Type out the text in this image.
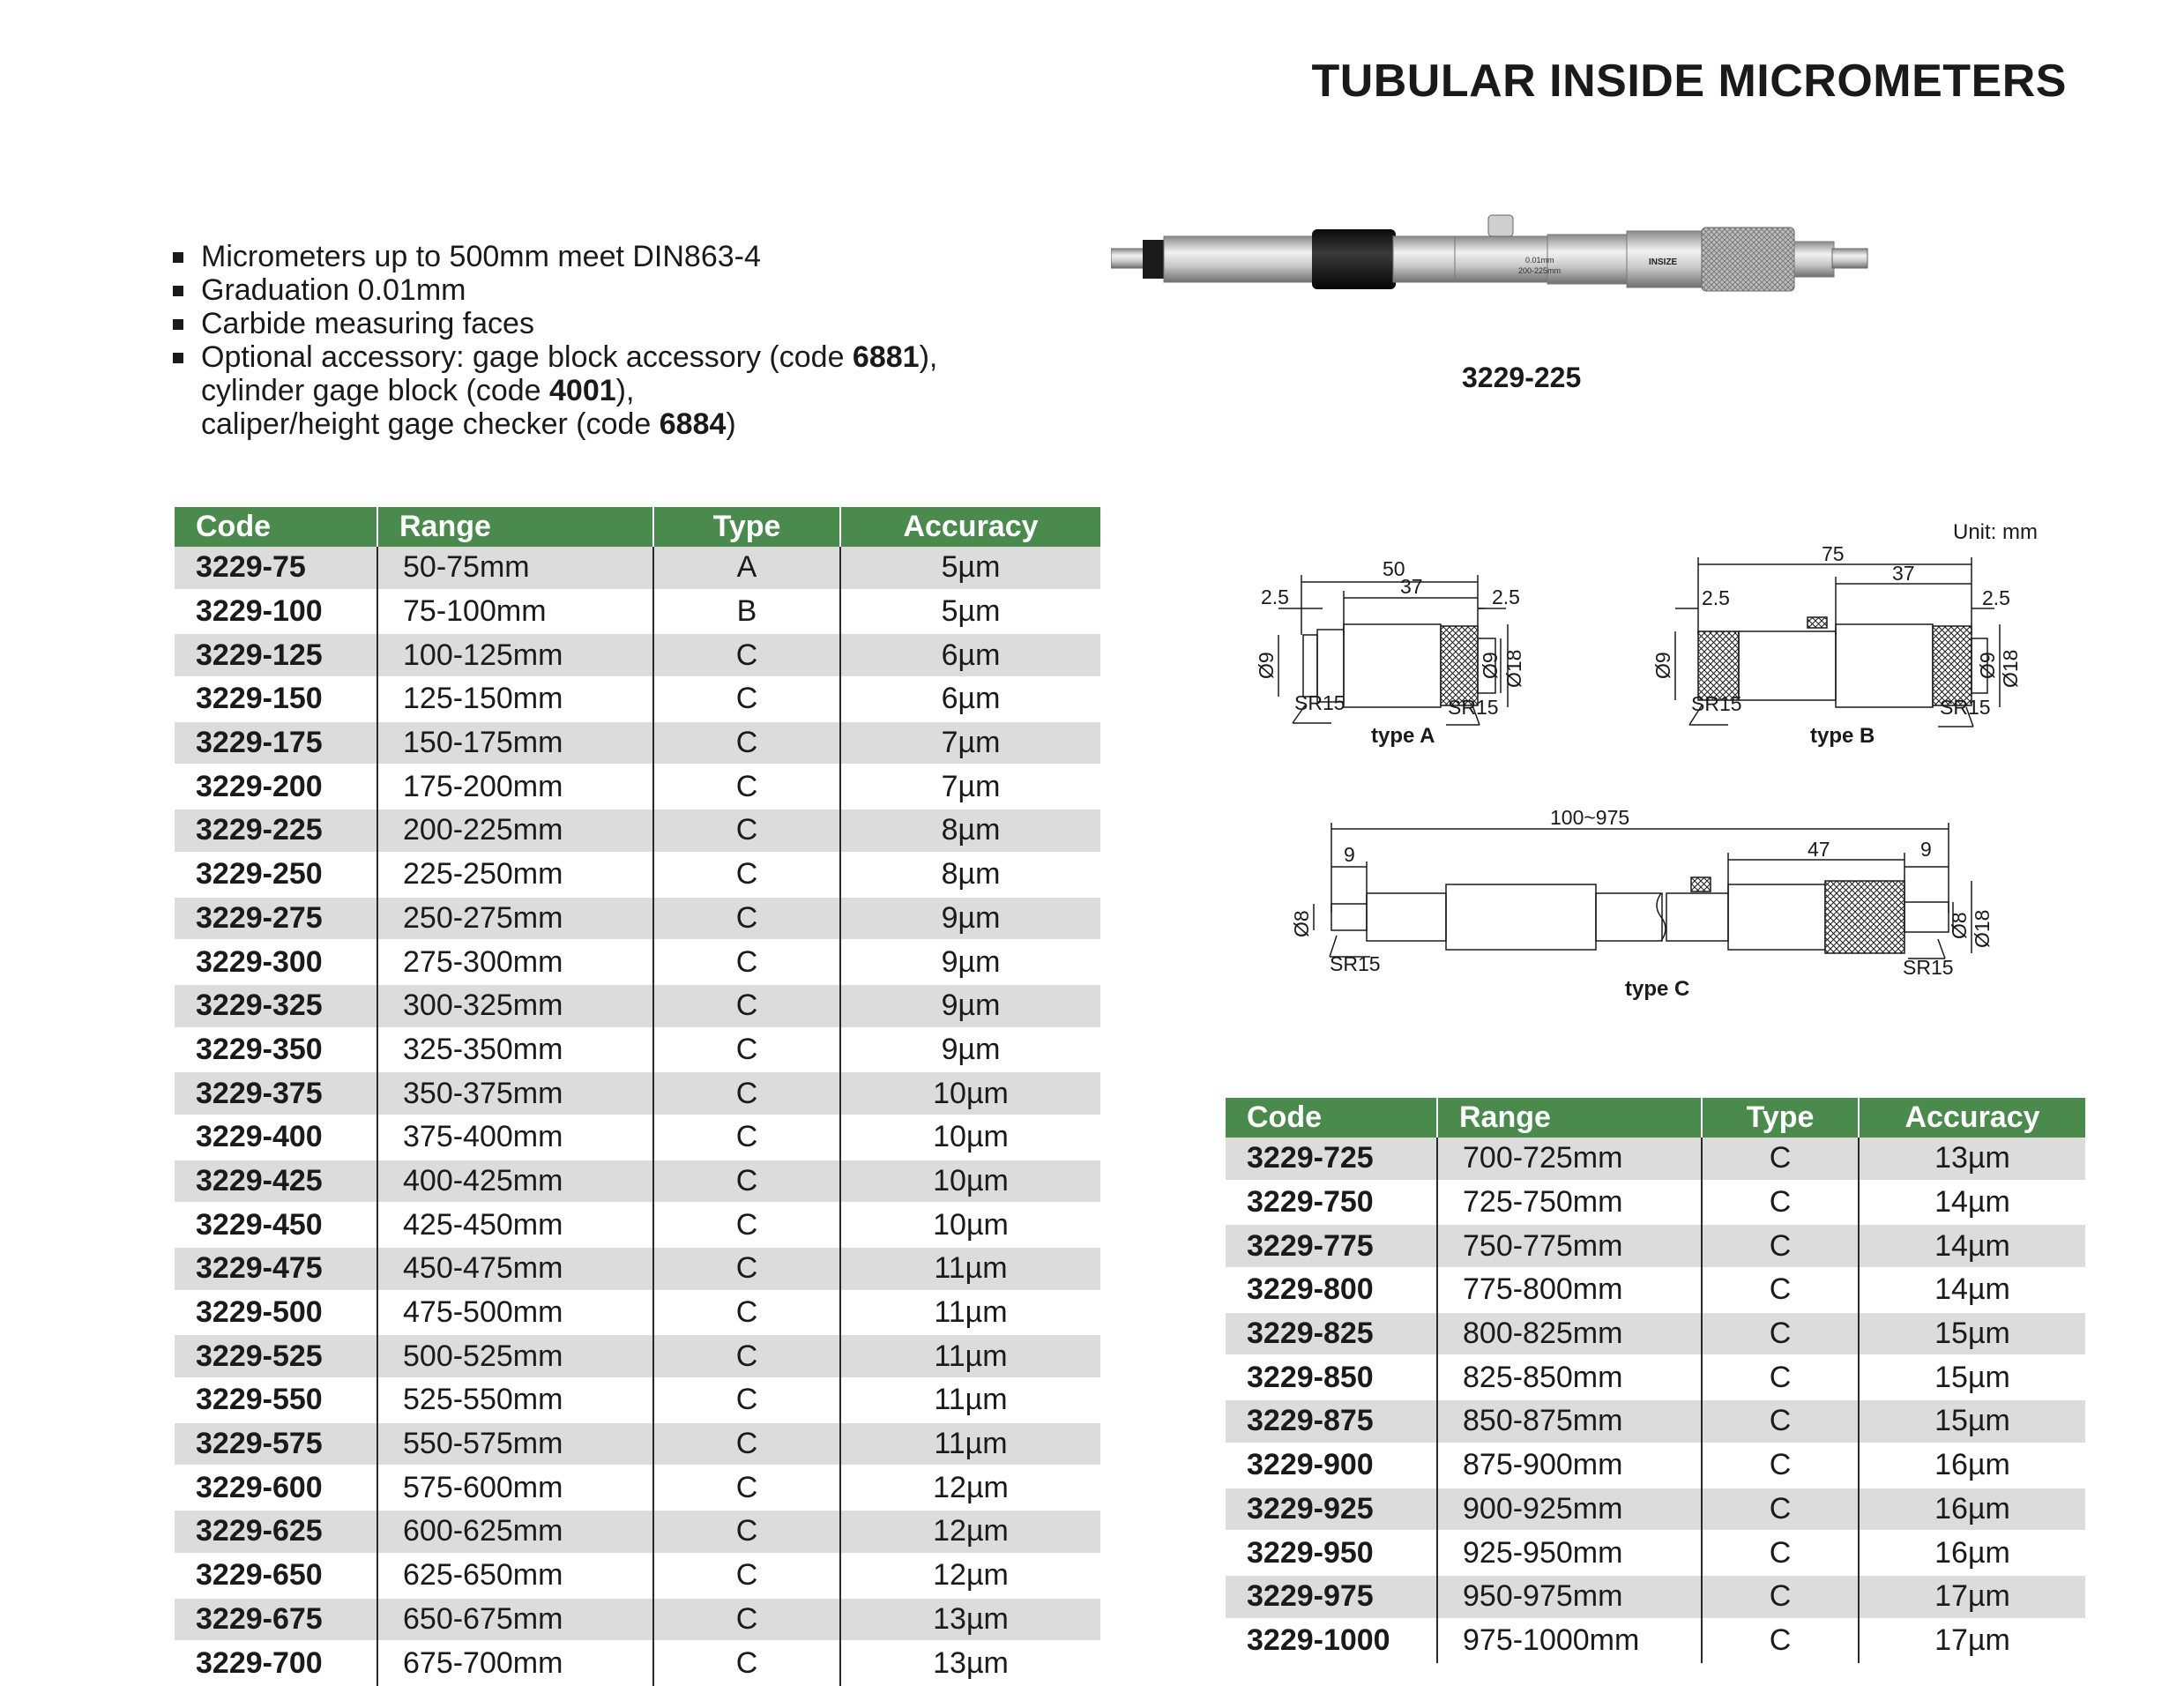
TUBULAR INSIDE MICROMETERS
Micrometers up to 500mm meet DIN863-4
Graduation 0.01mm
Carbide measuring faces
Optional accessory: gage block accessory (code 6881),
cylinder gage block (code 4001),
caliper/height gage checker (code 6884)
0.01mm
200-225mm
INSIZE
3229-225
Unit: mm
50
37
2.5	2.5
Ø9	Ø9 Ø18
SR15	SR15
type A
75
37
2.5	2.5
Ø9	Ø9 Ø18
SR15	SR15
type B
100~975
9	47	9
Ø8	Ø8 Ø18
SR15	SR15
type C
Code	Range	Type	Accuracy
3229-75	50-75mm	A	5µm
3229-100	75-100mm	B	5µm
3229-125	100-125mm	C	6µm
3229-150	125-150mm	C	6µm
3229-175	150-175mm	C	7µm
3229-200	175-200mm	C	7µm
3229-225	200-225mm	C	8µm
3229-250	225-250mm	C	8µm
3229-275	250-275mm	C	9µm
3229-300	275-300mm	C	9µm
3229-325	300-325mm	C	9µm
3229-350	325-350mm	C	9µm
3229-375	350-375mm	C	10µm
3229-400	375-400mm	C	10µm
3229-425	400-425mm	C	10µm
3229-450	425-450mm	C	10µm
3229-475	450-475mm	C	11µm
3229-500	475-500mm	C	11µm
3229-525	500-525mm	C	11µm
3229-550	525-550mm	C	11µm
3229-575	550-575mm	C	11µm
3229-600	575-600mm	C	12µm
3229-625	600-625mm	C	12µm
3229-650	625-650mm	C	12µm
3229-675	650-675mm	C	13µm
3229-700	675-700mm	C	13µm
Code	Range	Type	Accuracy
3229-725	700-725mm	C	13µm
3229-750	725-750mm	C	14µm
3229-775	750-775mm	C	14µm
3229-800	775-800mm	C	14µm
3229-825	800-825mm	C	15µm
3229-850	825-850mm	C	15µm
3229-875	850-875mm	C	15µm
3229-900	875-900mm	C	16µm
3229-925	900-925mm	C	16µm
3229-950	925-950mm	C	16µm
3229-975	950-975mm	C	17µm
3229-1000	975-1000mm	C	17µm
